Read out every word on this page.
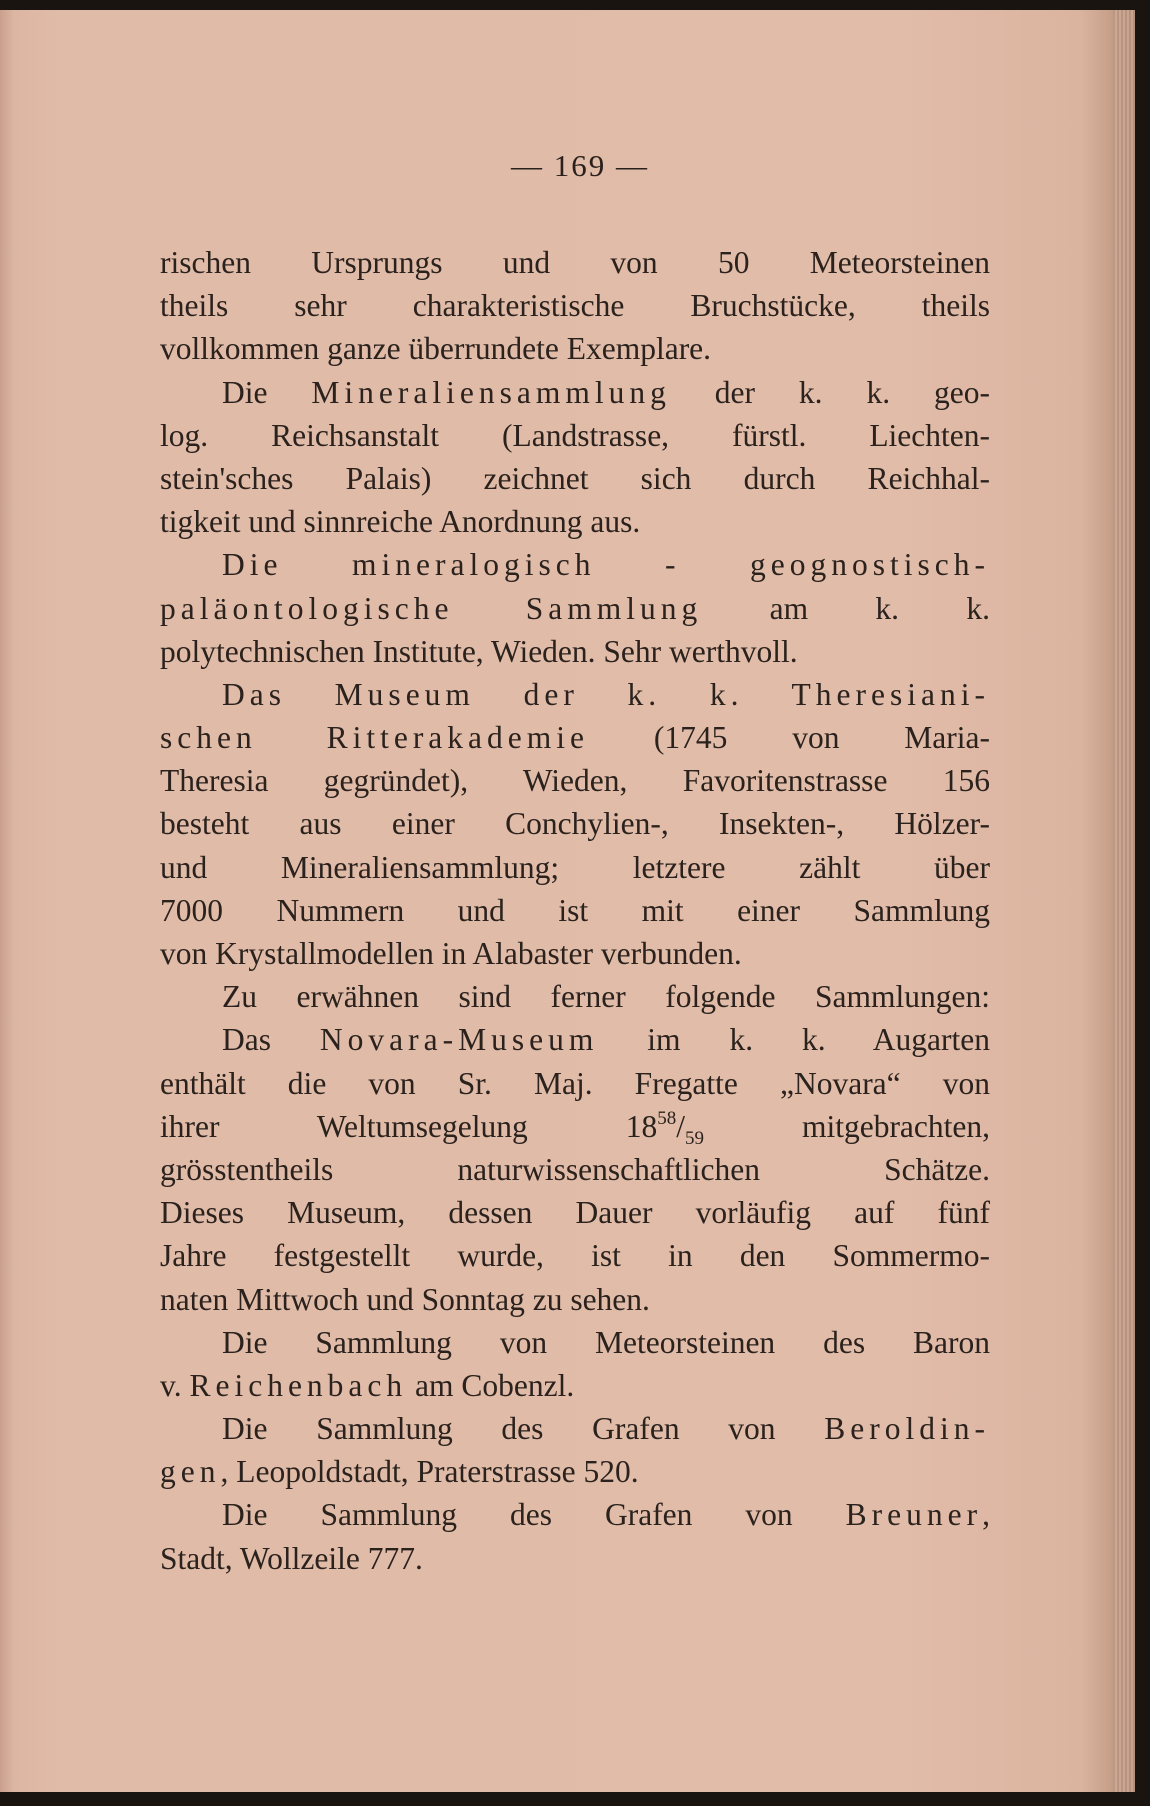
— 169 —
rischen Ursprungs und von 50 Meteorsteinen
theils sehr charakteristische Bruchstücke, theils
vollkommen ganze überrundete Exemplare.
Die Mineraliensammlung der k. k. geo-
log. Reichsanstalt (Landstrasse, fürstl. Liechten-
stein'sches Palais) zeichnet sich durch Reichhal-
tigkeit und sinnreiche Anordnung aus.
Die mineralogisch - geognostisch-
paläontologische Sammlung am k. k.
polytechnischen Institute, Wieden. Sehr werthvoll.
Das Museum der k. k. Theresiani-
schen Ritterakademie (1745 von Maria-
Theresia gegründet), Wieden, Favoritenstrasse 156
besteht aus einer Conchylien-, Insekten-, Hölzer-
und Mineraliensammlung; letztere zählt über
7000 Nummern und ist mit einer Sammlung
von Krystallmodellen in Alabaster verbunden.
Zu erwähnen sind ferner folgende Sammlungen:
Das Novara-Museum im k. k. Augarten
enthält die von Sr. Maj. Fregatte „Novara“ von
ihrer Weltumsegelung $18^{58}/_{59}$ mitgebrachten,
grösstentheils naturwissenschaftlichen Schätze.
Dieses Museum, dessen Dauer vorläufig auf fünf
Jahre festgestellt wurde, ist in den Sommermo-
naten Mittwoch und Sonntag zu sehen.
Die Sammlung von Meteorsteinen des Baron
v. Reichenbach am Cobenzl.
Die Sammlung des Grafen von Beroldin-
gen, Leopoldstadt, Praterstrasse 520.
Die Sammlung des Grafen von Breuner,
Stadt, Wollzeile 777.
